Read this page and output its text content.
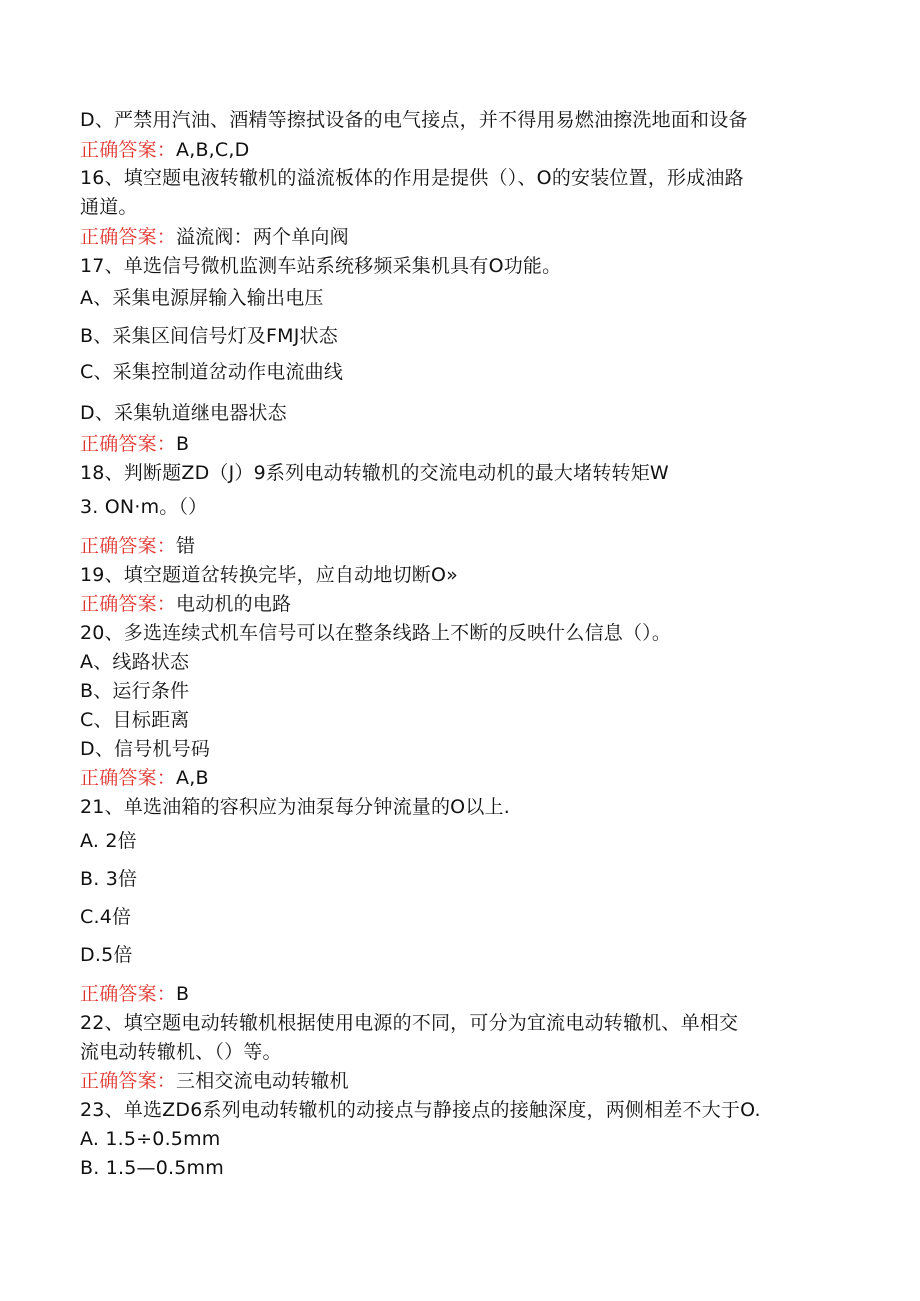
D、严禁用汽油、酒精等擦拭设备的电气接点，并不得用易燃油擦洗地面和设备
正确答案：A,B,C,D
16、填空题电液转辙机的溢流板体的作用是提供（）、O的安装位置，形成油路
通道。
正确答案：溢流阀：两个单向阀
17、单选信号微机监测车站系统移频采集机具有O功能。
A、采集电源屏输入输出电压
B、采集区间信号灯及FMJ状态
C、采集控制道岔动作电流曲线
D、采集轨道继电器状态
正确答案：B
18、判断题ZD（J）9系列电动转辙机的交流电动机的最大堵转转矩W
3. ON·m。（）
正确答案：错
19、填空题道岔转换完毕，应自动地切断O»
正确答案：电动机的电路
20、多选连续式机车信号可以在整条线路上不断的反映什么信息（）。
A、线路状态
B、运行条件
C、目标距离
D、信号机号码
正确答案：A,B
21、单选油箱的容积应为油泵每分钟流量的O以上.
A. 2倍
B. 3倍
C.4倍
D.5倍
正确答案：B
22、填空题电动转辙机根据使用电源的不同，可分为宜流电动转辙机、单相交
流电动转辙机、（）等。
正确答案：三相交流电动转辙机
23、单选ZD6系列电动转辙机的动接点与静接点的接触深度，两侧相差不大于O.
A. 1.5÷0.5mm
B. 1.5—0.5mm
